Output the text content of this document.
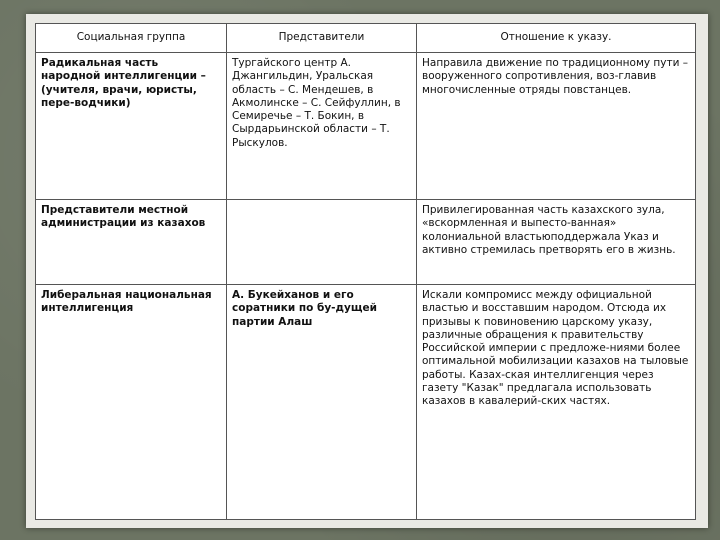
Социальная группа	Представители	Отношение к указу.
Радикальная часть народной интеллигенции – (учителя, врачи, юристы, пере-водчики)	Тургайского центр А. Джангильдин, Уральская область – С. Мендешев, в Акмолинске – С. Сейфуллин, в Семиречье – Т. Бокин, в Сырдарьинской области – Т. Рыскулов.	Направила движение по традиционному пути – вооруженного сопротивления, воз-главив многочисленные отряды повстанцев.
Представители местной администрации из казахов		Привилегированная часть казахского зула, «вскормленная и выпесто-ванная» колониальной властьюподдержала Указ и активно стремилась претворять его в жизнь.
Либеральная национальная интеллигенция	А. Букейханов и его соратники по бу-дущей партии Алаш	Искали компромисс между официальной властью и восставшим народом. Отсюда их призывы к повиновению царскому указу, различные обращения к правительству Российской империи с предложе-ниями более оптимальной мобилизации казахов на тыловые работы. Казах-ская интеллигенция через газету "Казак" предлагала использовать казахов в кавалерий-ских частях.
